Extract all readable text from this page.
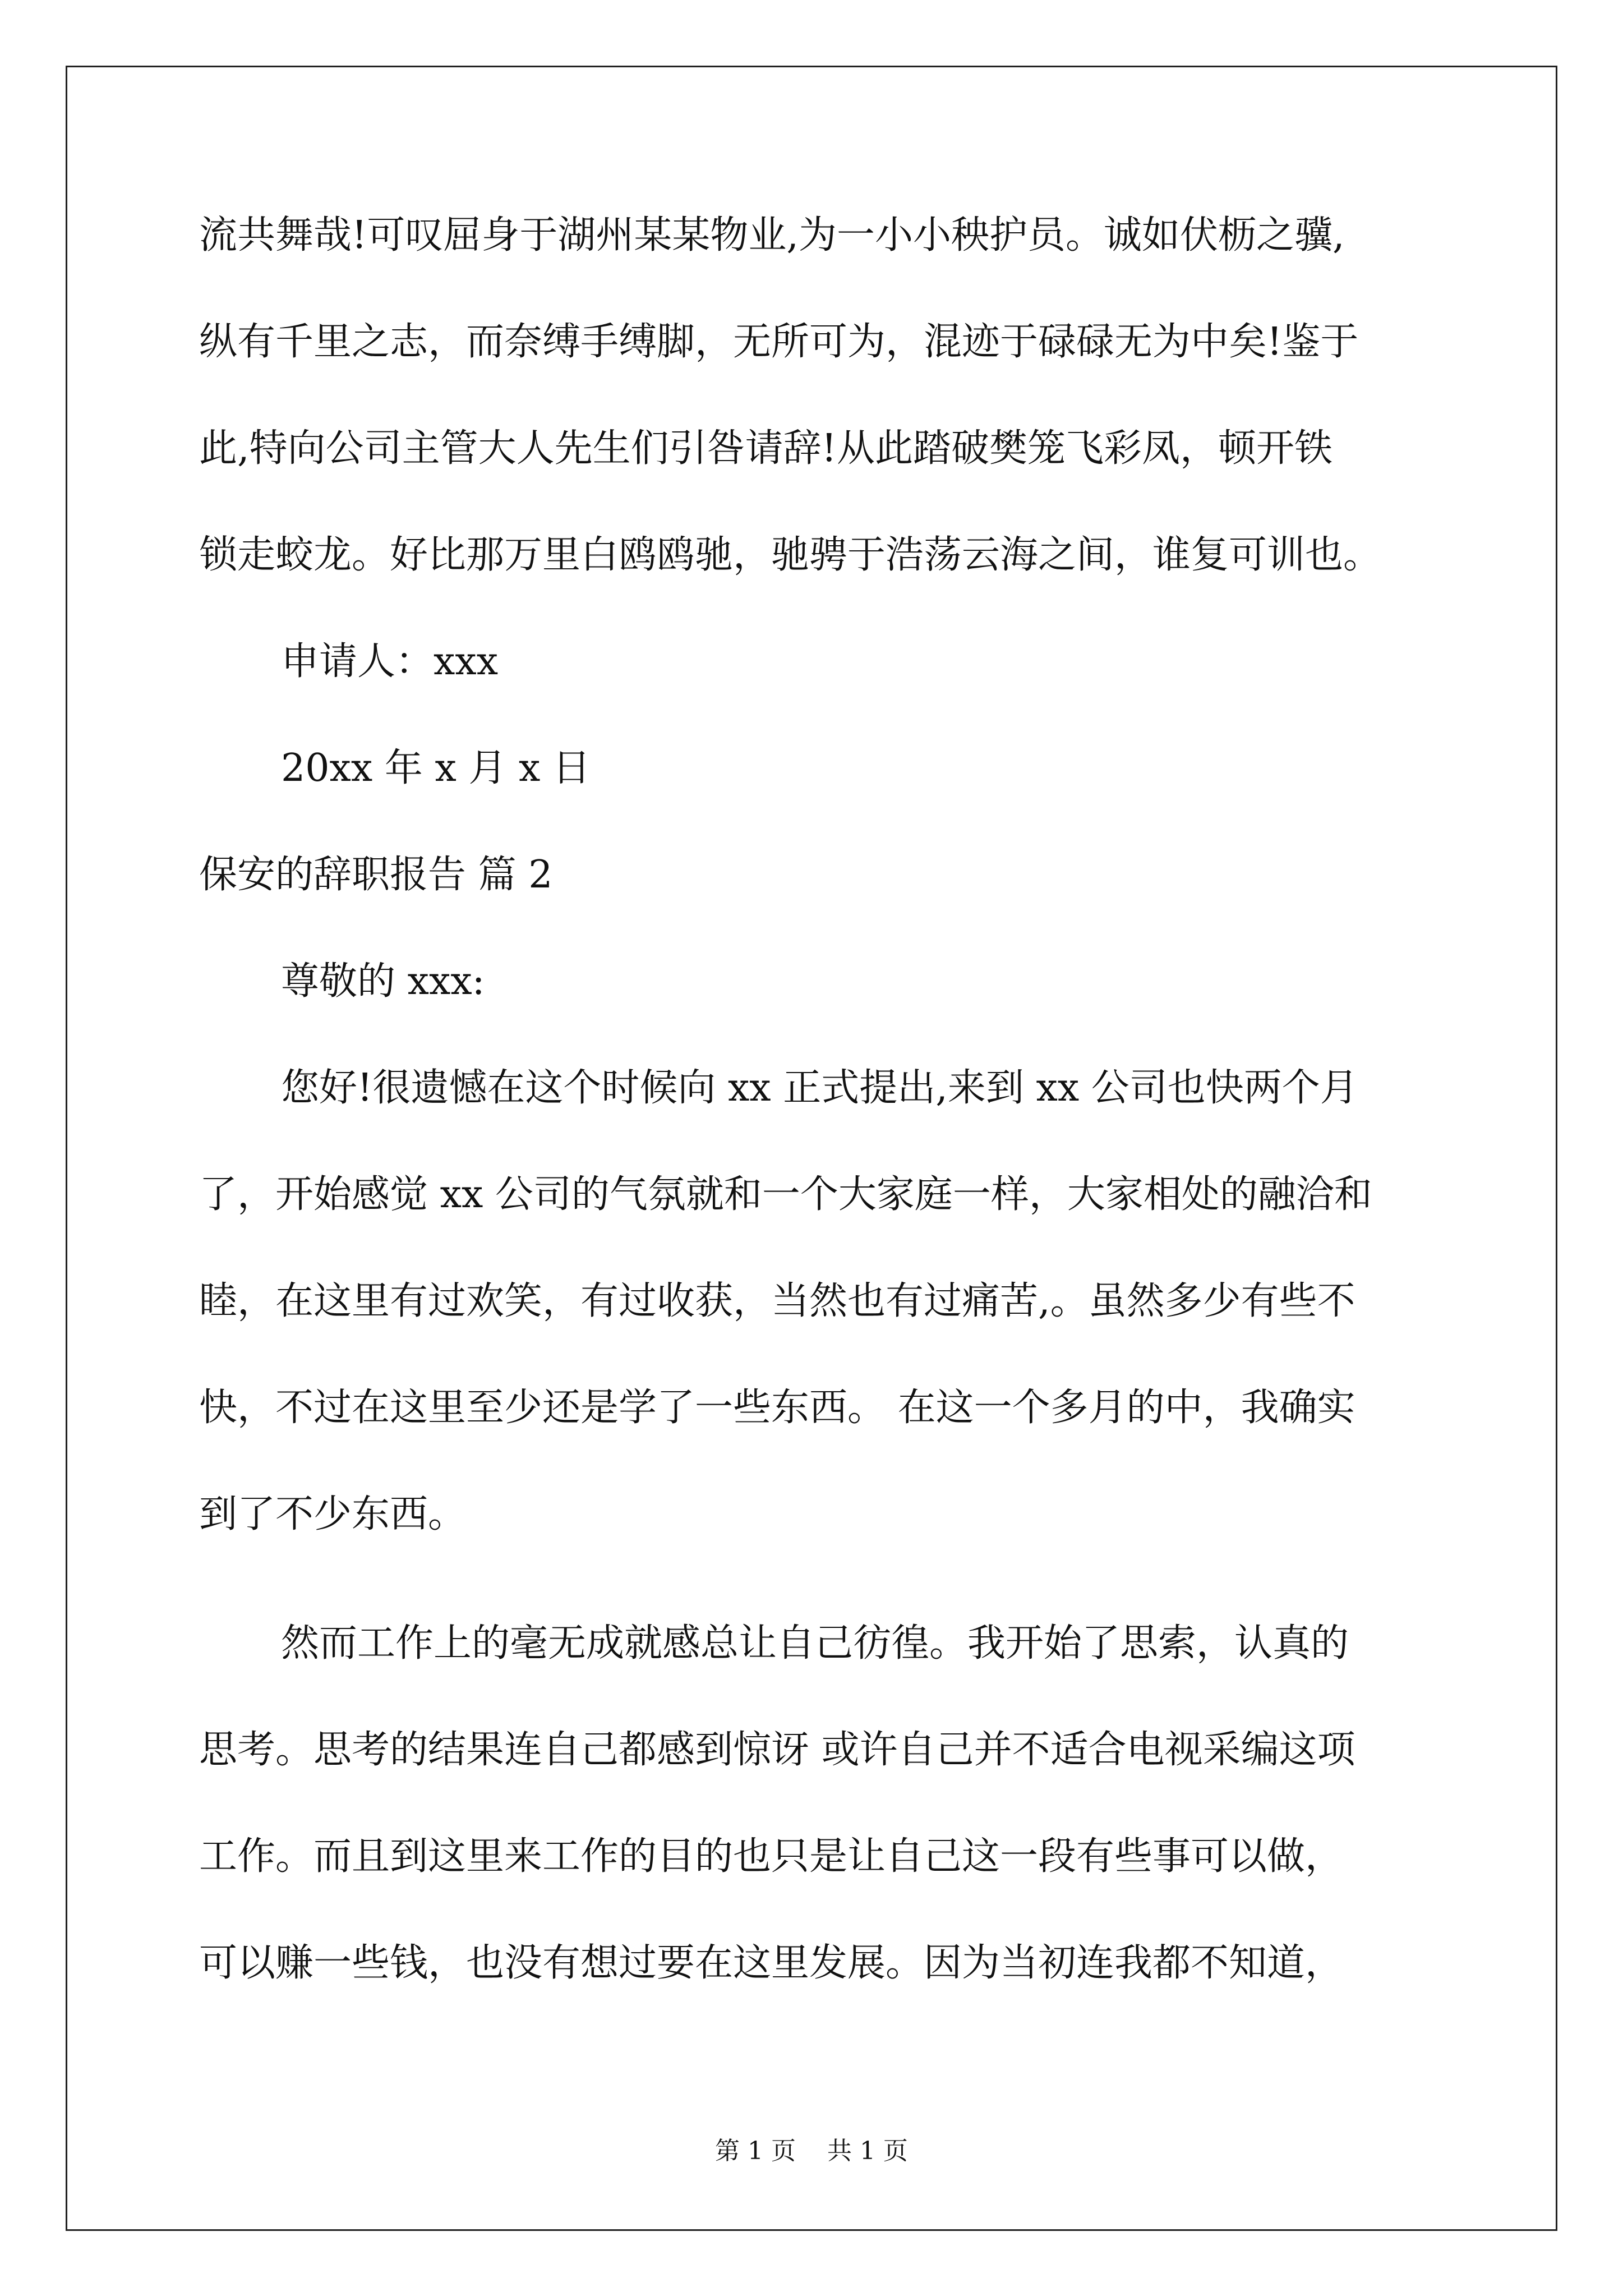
流共舞哉!可叹屈身于湖州某某物业,为一小小秧护员。诚如伏枥之骥,

纵有千里之志，而奈缚手缚脚，无所可为，混迹于碌碌无为中矣!鉴于

此,特向公司主管大人先生们引咎请辞!从此踏破樊笼飞彩凤，顿开铁

锁走蛟龙。好比那万里白鸥鸥驰，驰骋于浩荡云海之间，谁复可训也。

申请人：xxx

20xx 年 x 月 x 日

保安的辞职报告 篇 2

尊敬的 xxx:

您好!很遗憾在这个时候向 xx 正式提出,来到 xx 公司也快两个月

了，开始感觉 xx 公司的气氛就和一个大家庭一样，大家相处的融洽和

睦，在这里有过欢笑，有过收获，当然也有过痛苦,。虽然多少有些不

快，不过在这里至少还是学了一些东西。 在这一个多月的中，我确实

到了不少东西。

然而工作上的毫无成就感总让自己彷徨。我开始了思索，认真的

思考。思考的结果连自己都感到惊讶 或许自己并不适合电视采编这项

工作。而且到这里来工作的目的也只是让自己这一段有些事可以做，

可以赚一些钱，也没有想过要在这里发展。因为当初连我都不知道，

第 1 页    共 1 页
